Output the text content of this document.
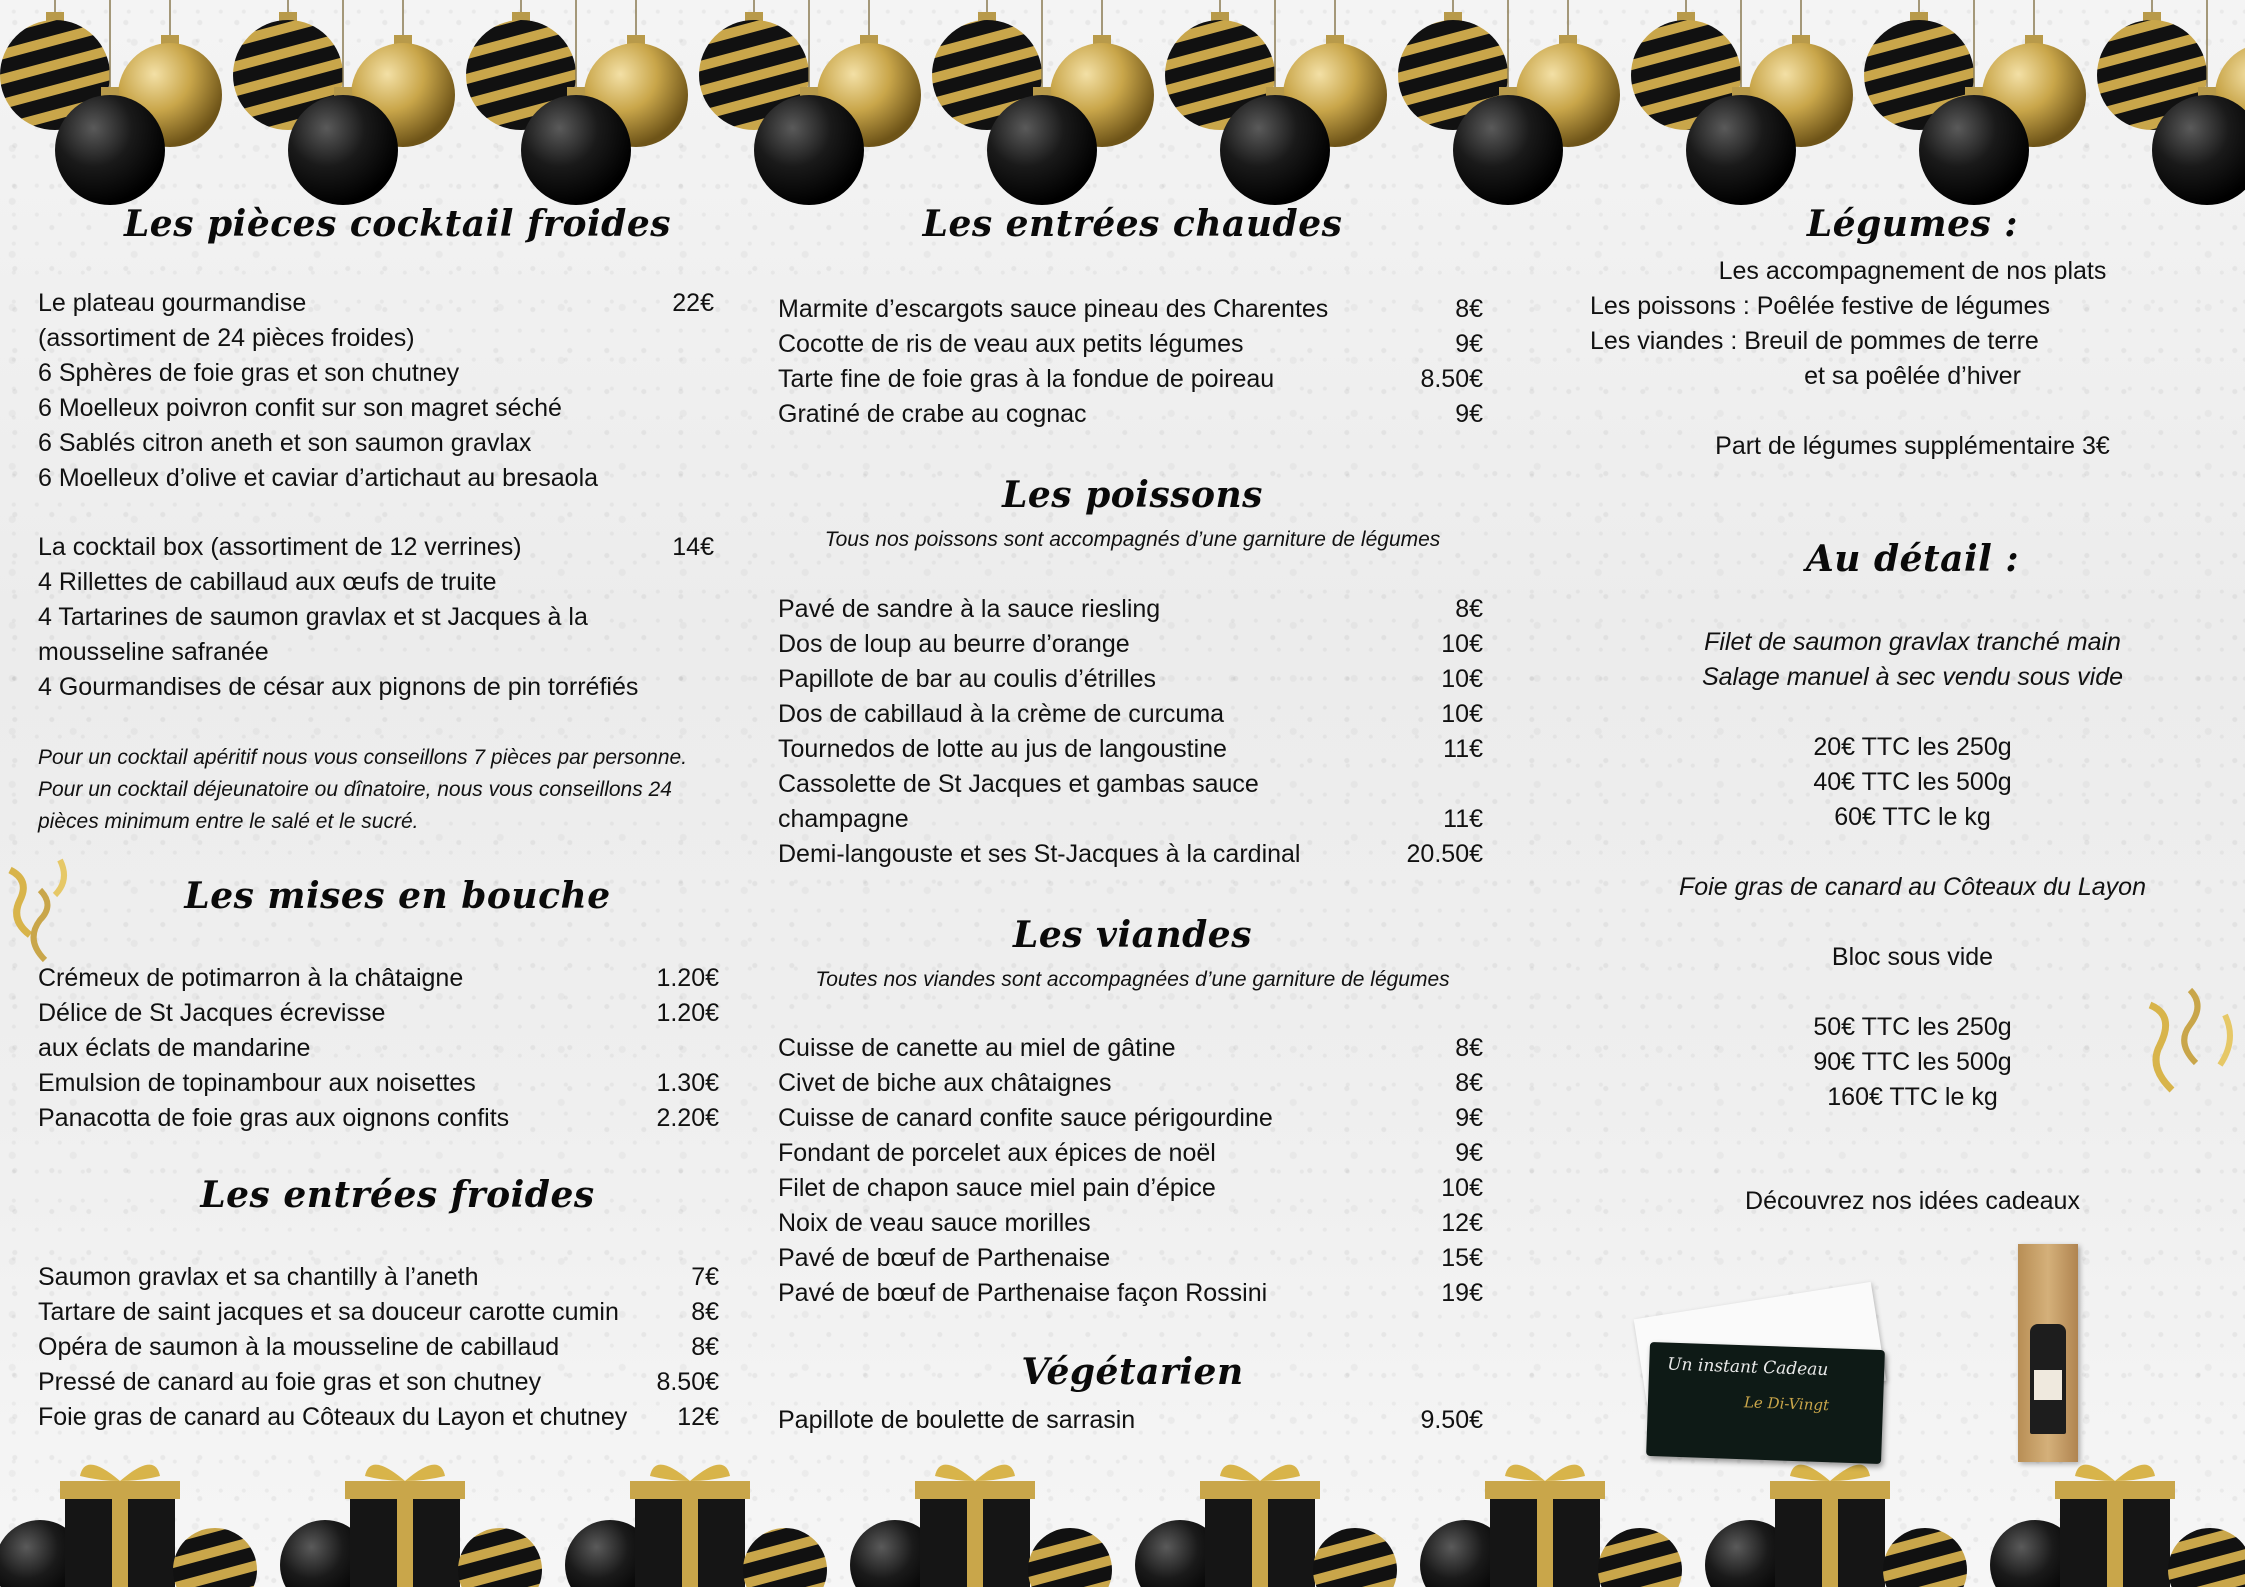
Les pièces cocktail froides
Le plateau gourmandise	22€
(assortiment de 24 pièces froides)
6 Sphères de foie gras et son chutney
6 Moelleux poivron confit sur son magret séché
6 Sablés citron aneth et son saumon gravlax
6 Moelleux d’olive et caviar d’artichaut au bresaola
La cocktail box (assortiment de 12 verrines)	14€
4 Rillettes de cabillaud aux œufs de truite
4 Tartarines de saumon gravlax et st Jacques à la
mousseline safranée
4 Gourmandises de césar aux pignons de pin torréfiés
Pour un cocktail apéritif nous vous conseillons 7 pièces par personne.
Pour un cocktail déjeunatoire ou dînatoire, nous vous conseillons 24
pièces minimum entre le salé et le sucré.
Les mises en bouche
Crémeux de potimarron à la châtaigne	1.20€
Délice de St Jacques écrevisse	1.20€
aux éclats de mandarine
Emulsion de topinambour aux noisettes	1.30€
Panacotta de foie gras aux oignons confits	2.20€
Les entrées froides
Saumon gravlax et sa chantilly à l’aneth	7€
Tartare de saint jacques et sa douceur carotte cumin	8€
Opéra de saumon à la mousseline de cabillaud	8€
Pressé de canard au foie gras et son chutney	8.50€
Foie gras de canard au Côteaux du Layon et chutney	12€
Les entrées chaudes
Marmite d’escargots sauce pineau des Charentes	8€
Cocotte de ris de veau aux petits légumes	9€
Tarte fine de foie gras à la fondue de poireau	8.50€
Gratiné de crabe au cognac	9€
Les poissons
Tous nos poissons sont accompagnés d’une garniture de légumes
Pavé de sandre à la sauce riesling	8€
Dos de loup au beurre d’orange	10€
Papillote de bar au coulis d’étrilles	10€
Dos de cabillaud à la crème de curcuma	10€
Tournedos de lotte au jus de langoustine	11€
Cassolette de St Jacques et gambas sauce
champagne	11€
Demi-langouste et ses St-Jacques à la cardinal	20.50€
Les viandes
Toutes nos viandes sont accompagnées d’une garniture de légumes
Cuisse de canette au miel de gâtine	8€
Civet de biche aux châtaignes	8€
Cuisse de canard confite sauce périgourdine	9€
Fondant de porcelet aux épices de noël	9€
Filet de chapon sauce miel pain d’épice	10€
Noix de veau sauce morilles	12€
Pavé de bœuf de Parthenaise	15€
Pavé de bœuf de Parthenaise façon Rossini	19€
Végétarien
Papillote de boulette de sarrasin	9.50€
Légumes :
Les accompagnement de nos plats
Les poissons : Poêlée festive de légumes
Les viandes : Breuil de pommes de terre
et sa poêlée d’hiver
Part de légumes supplémentaire 3€
Au détail :
Filet de saumon gravlax tranché main
Salage manuel à sec vendu sous vide
20€ TTC les 250g
40€ TTC les 500g
60€ TTC le kg
Foie gras de canard au Côteaux du Layon
Bloc sous vide
50€ TTC les 250g
90€ TTC les 500g
160€ TTC le kg
Découvrez nos idées cadeaux
Un instant Cadeau
Le Di-Vingt
